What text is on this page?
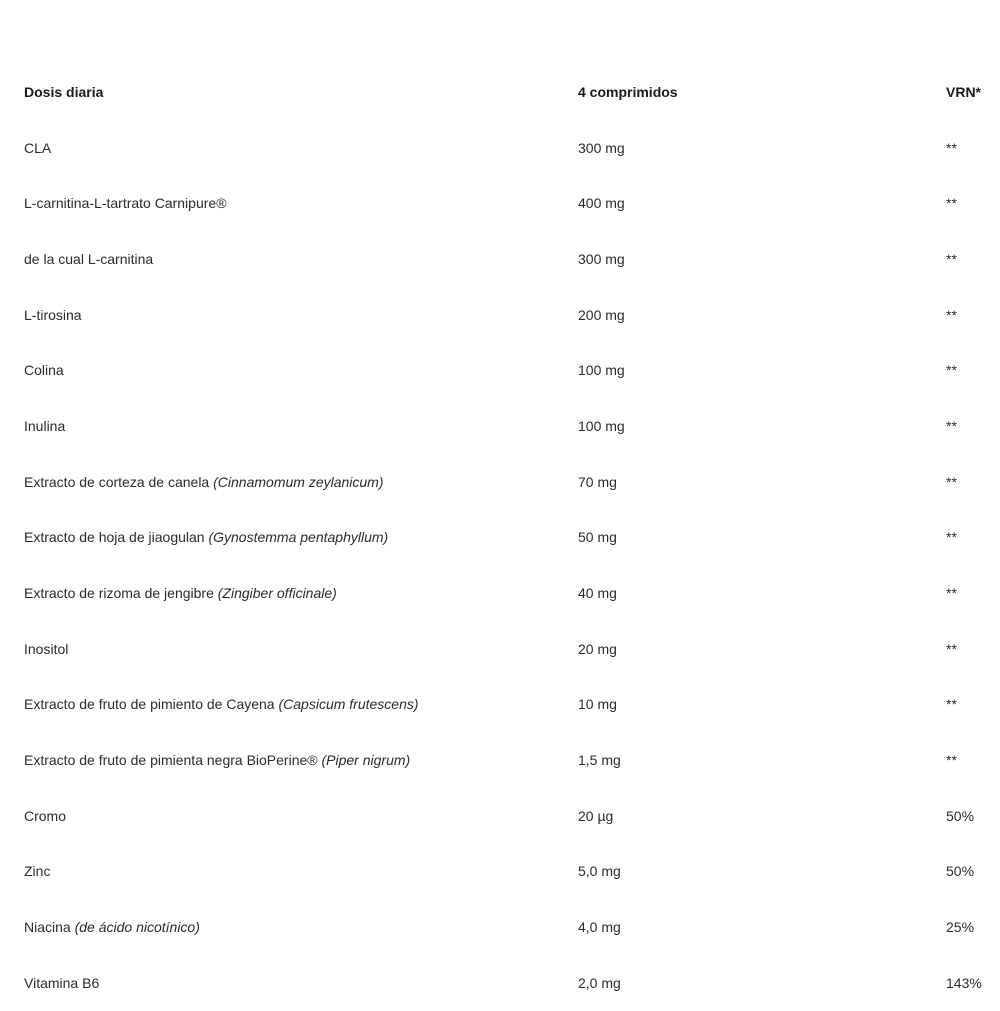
Dosis diaria	4 comprimidos	VRN*
CLA	300 mg	**
L-carnitina-L-tartrato Carnipure®	400 mg	**
de la cual L-carnitina	300 mg	**
L-tirosina	200 mg	**
Colina	100 mg	**
Inulina	100 mg	**
Extracto de corteza de canela (Cinnamomum zeylanicum)	70 mg	**
Extracto de hoja de jiaogulan (Gynostemma pentaphyllum)	50 mg	**
Extracto de rizoma de jengibre (Zingiber officinale)	40 mg	**
Inositol	20 mg	**
Extracto de fruto de pimiento de Cayena (Capsicum frutescens)	10 mg	**
Extracto de fruto de pimienta negra BioPerine® (Piper nigrum)	1,5 mg	**
Cromo	20 µg	50%
Zinc	5,0 mg	50%
Niacina (de ácido nicotínico)	4,0 mg	25%
Vitamina B6	2,0 mg	143%
